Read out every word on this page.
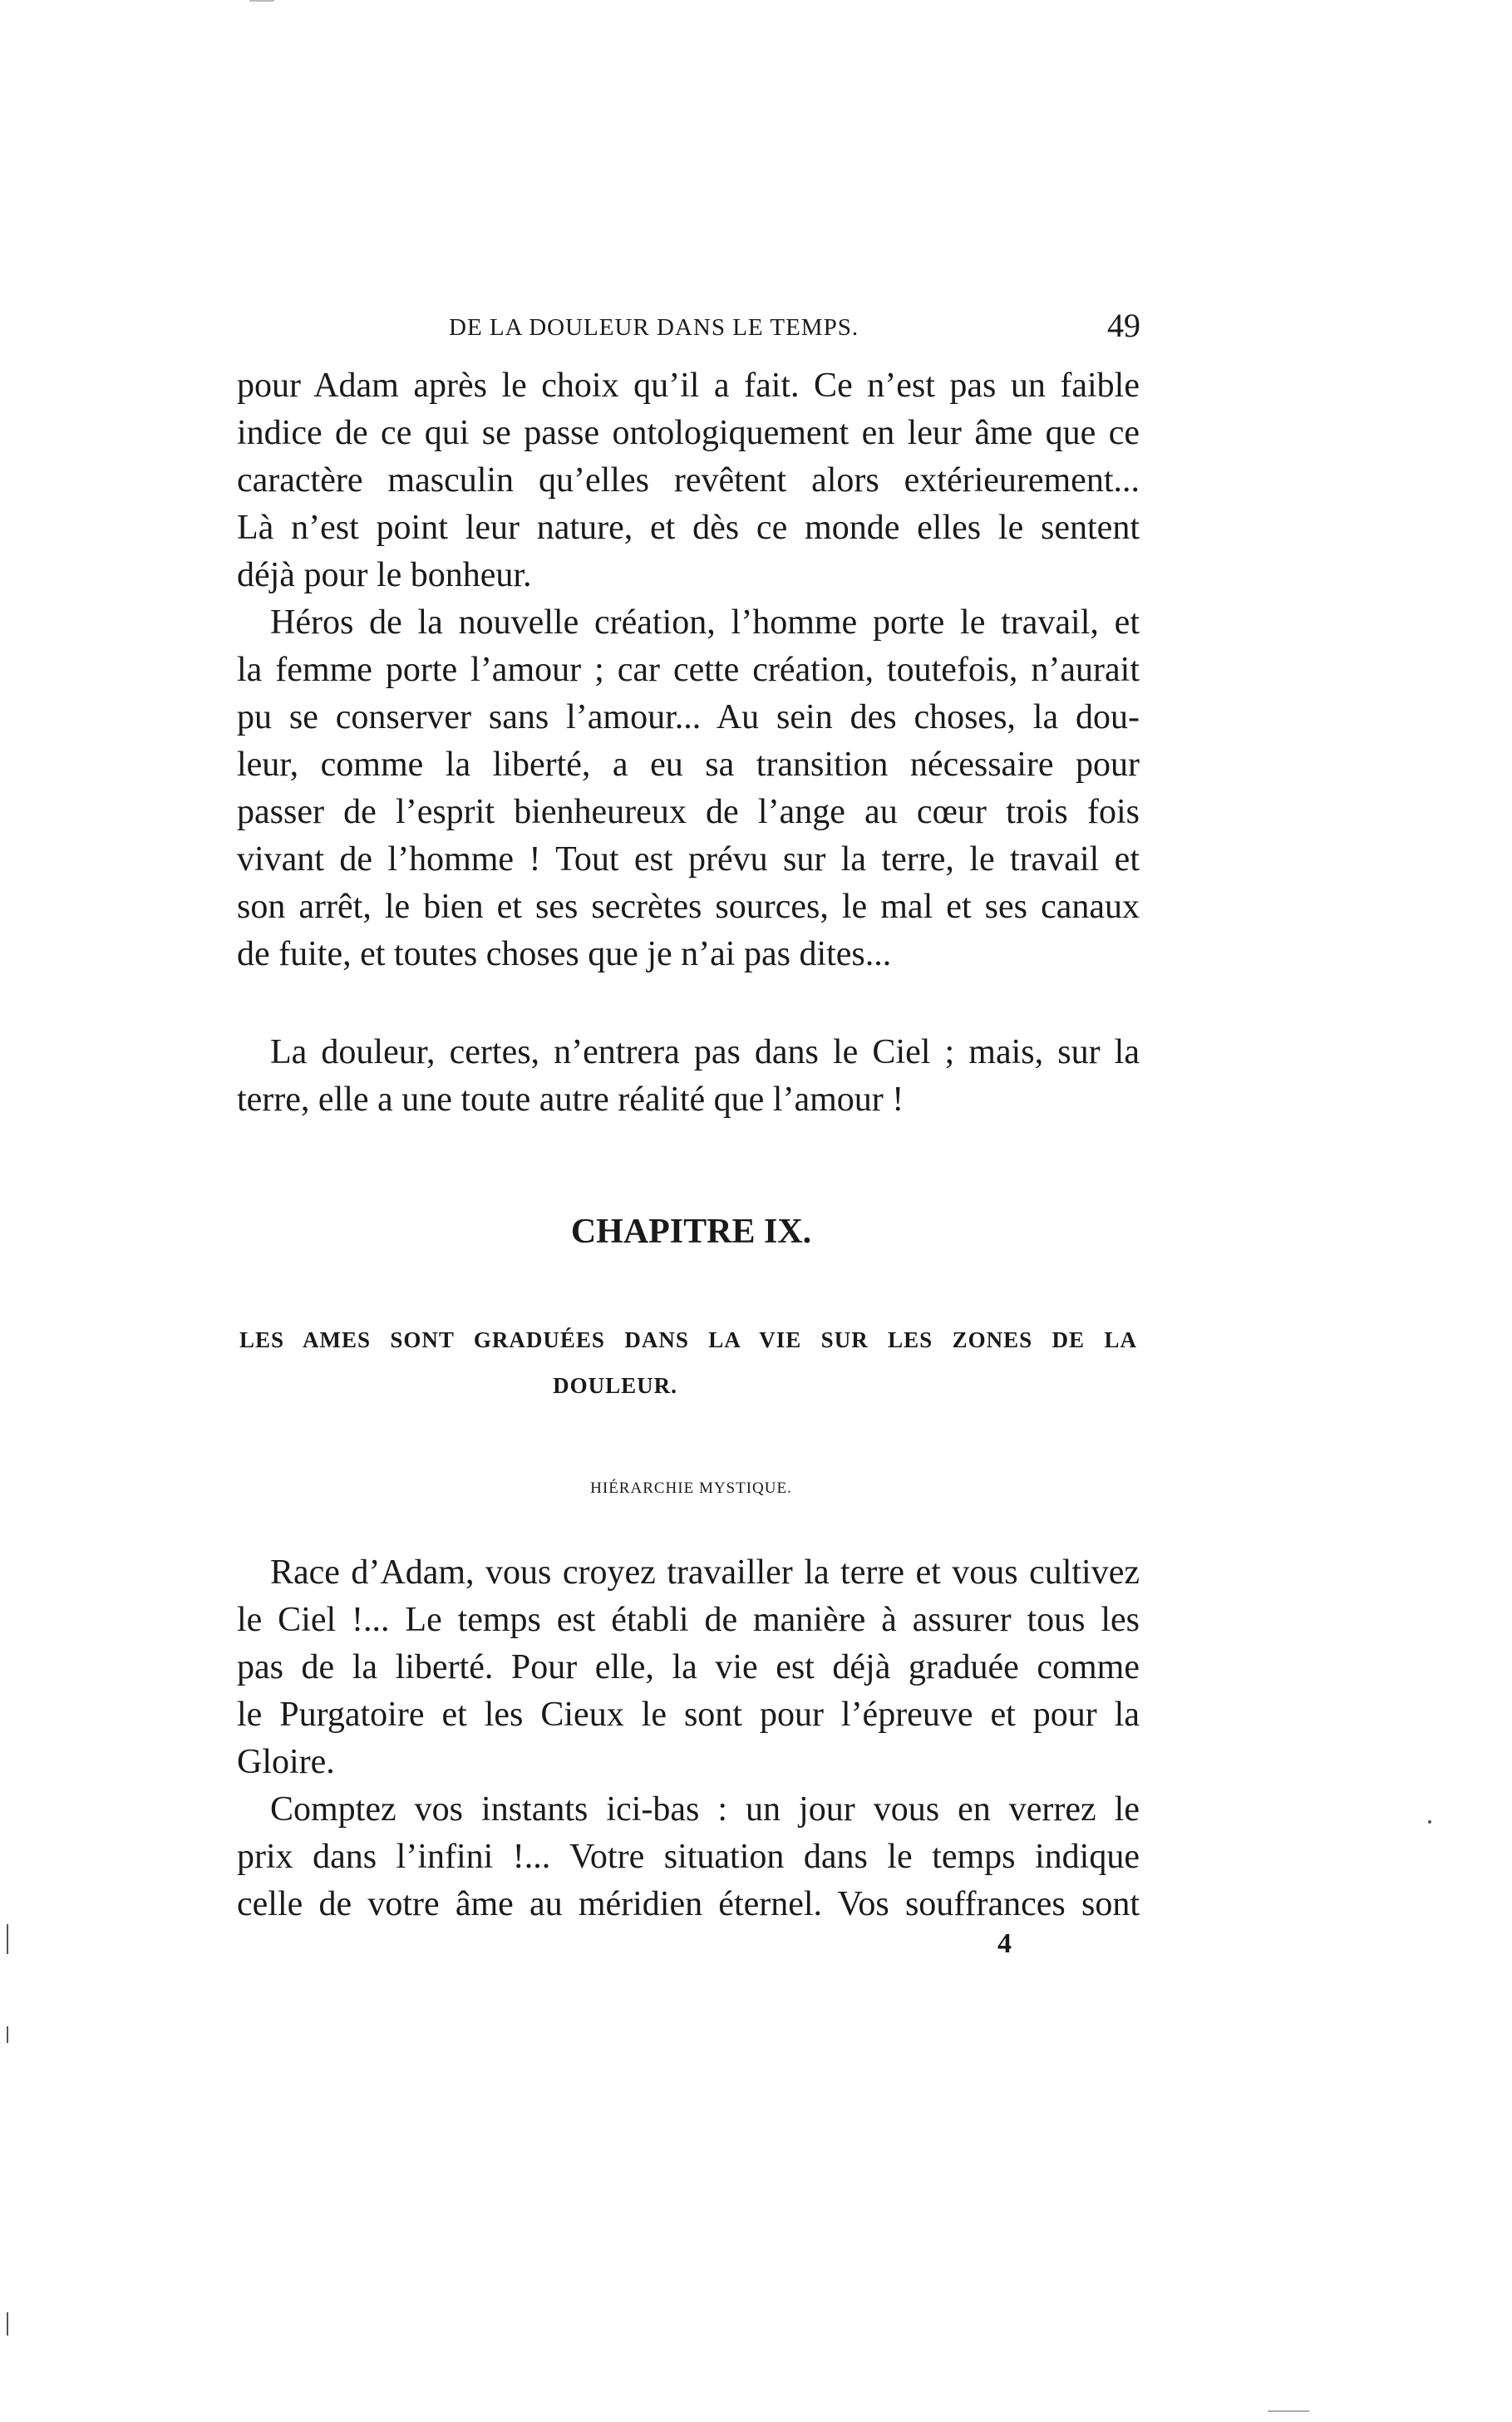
DE LA DOULEUR DANS LE TEMPS.	49
pour Adam après le choix qu’il a fait. Ce n’est pas un faible
indice de ce qui se passe ontologiquement en leur âme que ce
caractère masculin qu’elles revêtent alors extérieurement...
Là n’est point leur nature, et dès ce monde elles le sentent
déjà pour le bonheur.
Héros de la nouvelle création, l’homme porte le travail, et
la femme porte l’amour ; car cette création, toutefois, n’aurait
pu se conserver sans l’amour... Au sein des choses, la dou-
leur, comme la liberté, a eu sa transition nécessaire pour
passer de l’esprit bienheureux de l’ange au cœur trois fois
vivant de l’homme ! Tout est prévu sur la terre, le travail et
son arrêt, le bien et ses secrètes sources, le mal et ses canaux
de fuite, et toutes choses que je n’ai pas dites...
La douleur, certes, n’entrera pas dans le Ciel ; mais, sur la
terre, elle a une toute autre réalité que l’amour !
CHAPITRE IX.
LES AMES SONT GRADUÉES DANS LA VIE SUR LES ZONES DE LA
DOULEUR.
HIÉRARCHIE MYSTIQUE.
Race d’Adam, vous croyez travailler la terre et vous cultivez
le Ciel !... Le temps est établi de manière à assurer tous les
pas de la liberté. Pour elle, la vie est déjà graduée comme
le Purgatoire et les Cieux le sont pour l’épreuve et pour la
Gloire.
Comptez vos instants ici-bas : un jour vous en verrez le
prix dans l’infini !... Votre situation dans le temps indique
celle de votre âme au méridien éternel. Vos souffrances sont
4
